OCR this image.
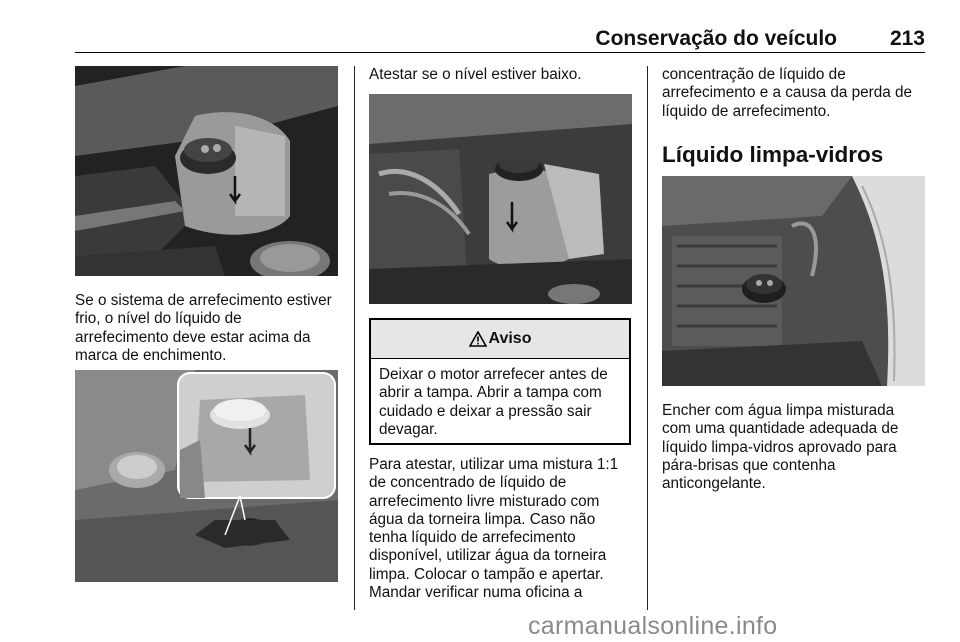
Conservação do veículo	213
Se o sistema de arrefecimento estiver
frio, o nível do líquido de
arrefecimento deve estar acima da
marca de enchimento.
Atestar se o nível estiver baixo.
Aviso
Deixar o motor arrefecer antes de
abrir a tampa. Abrir a tampa com
cuidado e deixar a pressão sair
devagar.
Para atestar, utilizar uma mistura 1:1
de concentrado de líquido de
arrefecimento livre misturado com
água da torneira limpa. Caso não
tenha líquido de arrefecimento
disponível, utilizar água da torneira
limpa. Colocar o tampão e apertar.
Mandar verificar numa oficina a
concentração de líquido de
arrefecimento e a causa da perda de
líquido de arrefecimento.
Líquido limpa-vidros
Encher com água limpa misturada
com uma quantidade adequada de
líquido limpa-vidros aprovado para
pára-brisas que contenha
anticongelante.
carmanualsonline.info
